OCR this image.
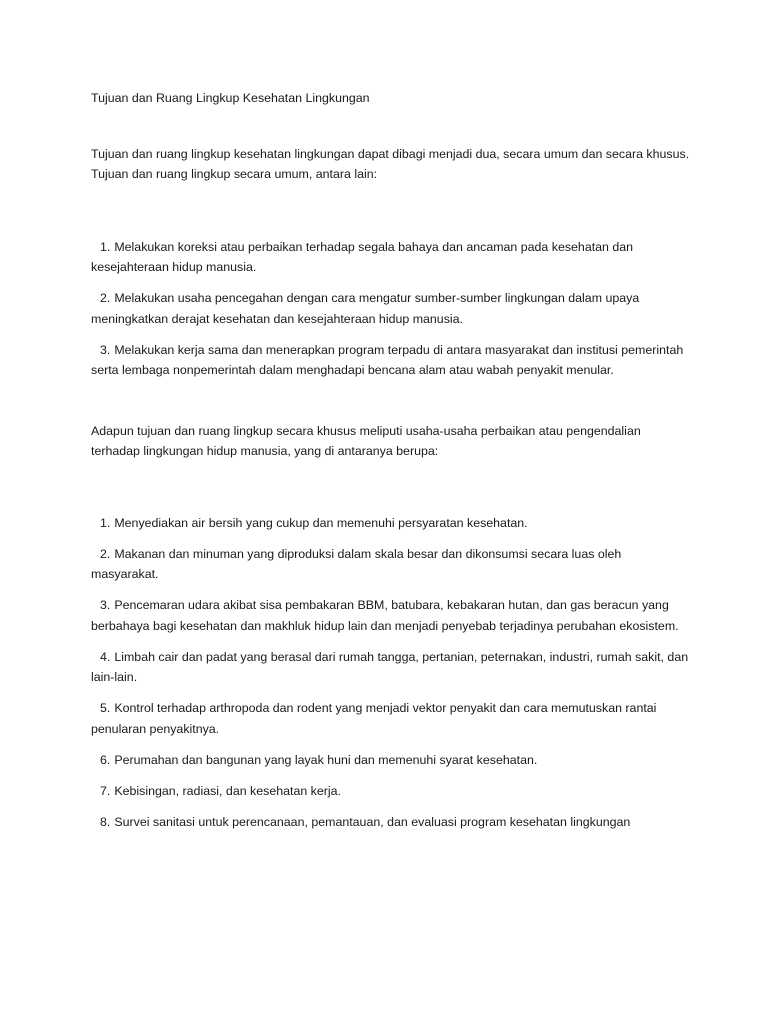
Tujuan dan Ruang Lingkup Kesehatan Lingkungan

Tujuan dan ruang lingkup kesehatan lingkungan dapat dibagi menjadi dua, secara umum dan secara khusus. Tujuan dan ruang lingkup secara umum, antara lain:

1. Melakukan koreksi atau perbaikan terhadap segala bahaya dan ancaman pada kesehatan dan kesejahteraan hidup manusia.
2. Melakukan usaha pencegahan dengan cara mengatur sumber-sumber lingkungan dalam upaya meningkatkan derajat kesehatan dan kesejahteraan hidup manusia.
3. Melakukan kerja sama dan menerapkan program terpadu di antara masyarakat dan institusi pemerintah serta lembaga nonpemerintah dalam menghadapi bencana alam atau wabah penyakit menular.

Adapun tujuan dan ruang lingkup secara khusus meliputi usaha-usaha perbaikan atau pengendalian terhadap lingkungan hidup manusia, yang di antaranya berupa:

1. Menyediakan air bersih yang cukup dan memenuhi persyaratan kesehatan.
2. Makanan dan minuman yang diproduksi dalam skala besar dan dikonsumsi secara luas oleh masyarakat.
3. Pencemaran udara akibat sisa pembakaran BBM, batubara, kebakaran hutan, dan gas beracun yang berbahaya bagi kesehatan dan makhluk hidup lain dan menjadi penyebab terjadinya perubahan ekosistem.
4. Limbah cair dan padat yang berasal dari rumah tangga, pertanian, peternakan, industri, rumah sakit, dan lain-lain.
5. Kontrol terhadap arthropoda dan rodent yang menjadi vektor penyakit dan cara memutuskan rantai penularan penyakitnya.
6. Perumahan dan bangunan yang layak huni dan memenuhi syarat kesehatan.
7. Kebisingan, radiasi, dan kesehatan kerja.
8. Survei sanitasi untuk perencanaan, pemantauan, dan evaluasi program kesehatan lingkungan
